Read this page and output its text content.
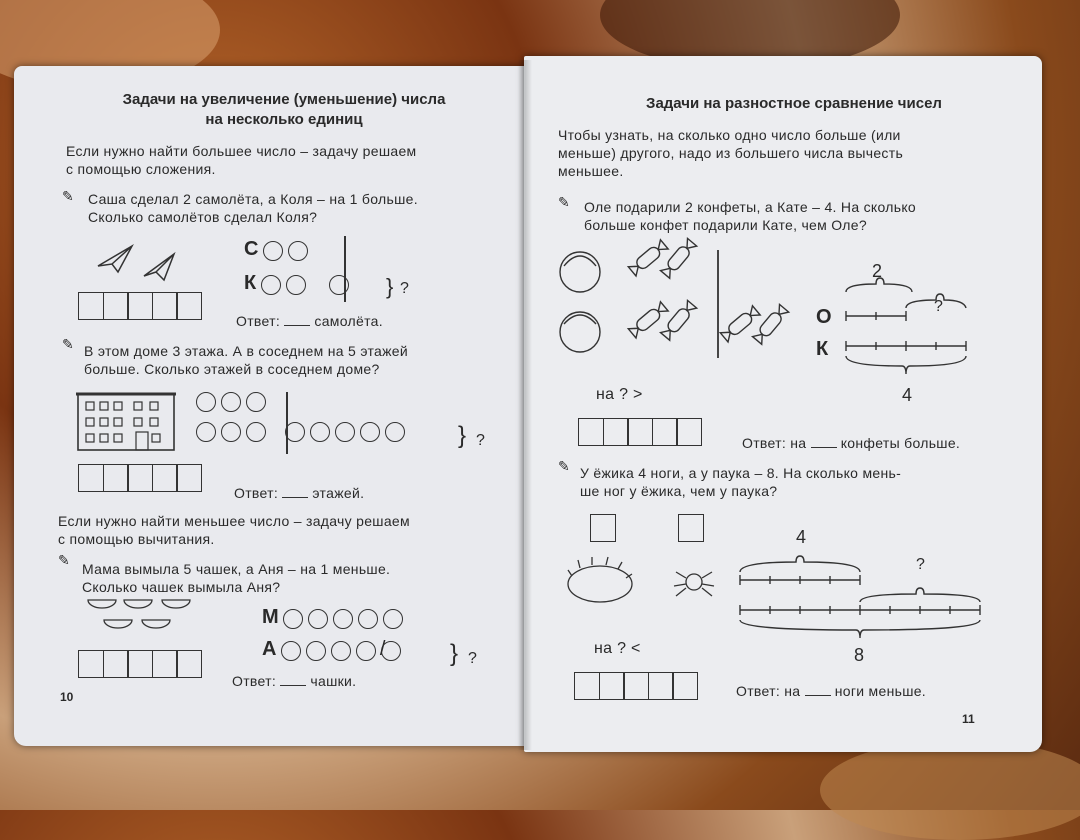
Задачи на увеличение (уменьшение) числа
на несколько единиц
Если нужно найти большее число – задачу решаем
с помощью сложения.
✎ Саша сделал 2 самолёта, а Коля – на 1 больше.
Сколько самолётов сделал Коля?
С
К	} ?
Ответ: самолёта.
✎ В этом доме 3 этажа. А в соседнем на 5 этажей
больше. Сколько этажей в соседнем доме?
} ?
Ответ: этажей.
Если нужно найти меньшее число – задачу решаем
с помощью вычитания.
✎
Мама вымыла 5 чашек, а Аня – на 1 меньше.
Сколько чашек вымыла Аня?
М
А	/	} ?
Ответ: чашки.
10
Задачи на разностное сравнение чисел
Чтобы узнать, на сколько одно число больше (или
меньше) другого, надо из большего числа вычесть
меньшее.
✎ Оле подарили 2 конфеты, а Кате – 4. На сколько
больше конфет подарили Кате, чем Оле?
О
К
2
?
4
на ? >
Ответ: на конфеты больше.
✎ У ёжика 4 ноги, а у паука – 8. На сколько мень-
ше ног у ёжика, чем у паука?
4
?
8
на ? <
Ответ: на ноги меньше.
11
